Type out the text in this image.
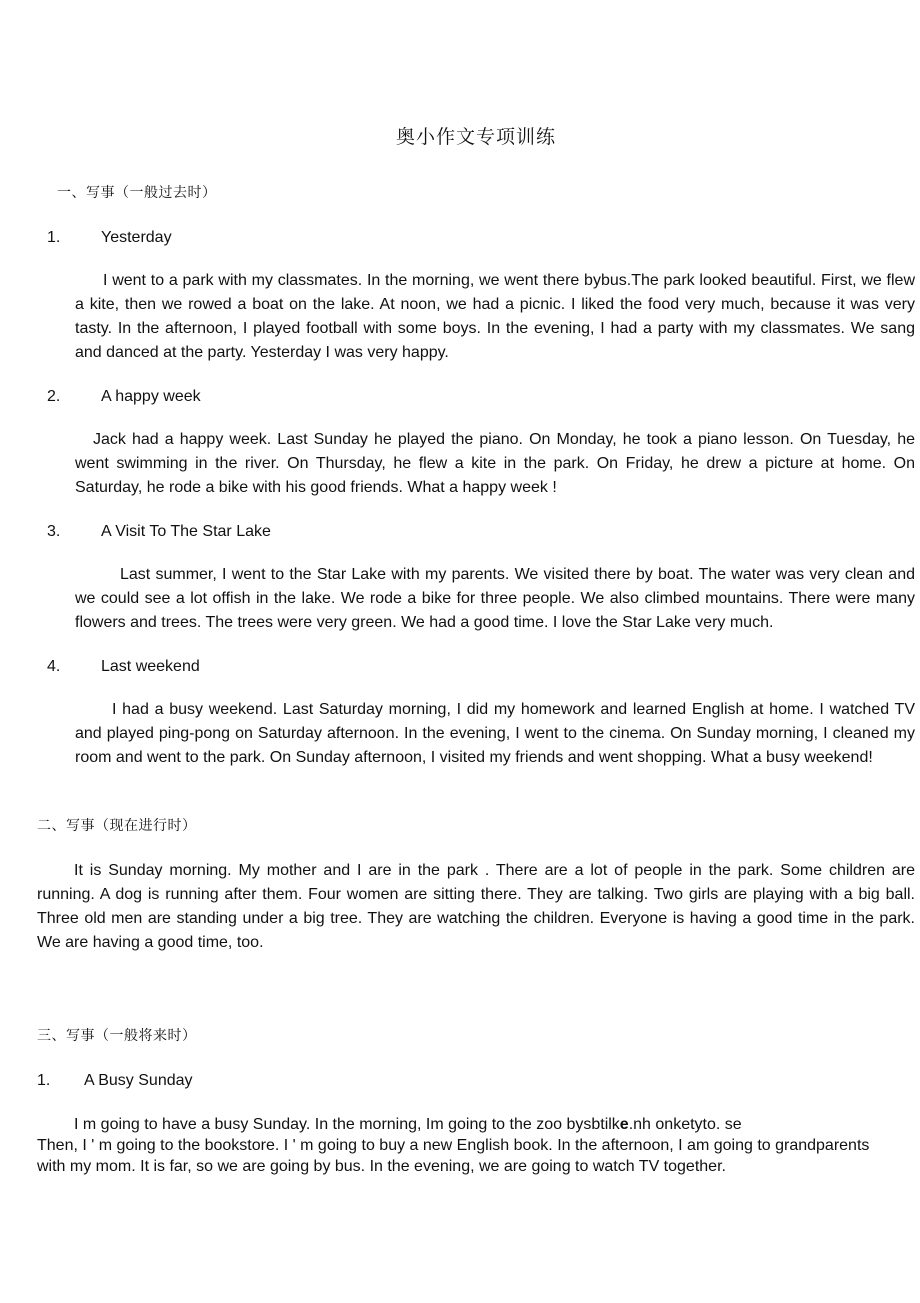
奥小作文专项训练
一、写事（一般过去时）
1.	Yesterday

I went to a park with my classmates. In the morning, we went there bybus.The park looked beautiful. First, we flew a kite, then we rowed a boat on the lake. At noon, we had a picnic. I liked the food very much, because it was very tasty. In the afternoon, I played football with some boys. In the evening, I had a party with my classmates. We sang and danced at the party. Yesterday I was very happy.

2.	A happy week

Jack had a happy week. Last Sunday he played the piano. On Monday, he took a piano lesson. On Tuesday, he went swimming in the river. On Thursday, he flew a kite in the park. On Friday, he drew a picture at home. On Saturday, he rode a bike with his good friends. What a happy week !

3.	A Visit To The Star Lake

Last summer, I went to the Star Lake with my parents. We visited there by boat. The water was very clean and we could see a lot offish in the lake. We rode a bike for three people. We also climbed mountains. There were many flowers and trees. The trees were very green. We had a good time. I love the Star Lake very much.

4.	Last weekend

I had a busy weekend. Last Saturday morning, I did my homework and learned English at home. I watched TV and played ping-pong on Saturday afternoon. In the evening, I went to the cinema. On Sunday morning, I cleaned my room and went to the park. On Sunday afternoon, I visited my friends and went shopping. What a busy weekend!

二、写事（现在进行时）

It is Sunday morning. My mother and I are in the park . There are a lot of people in the park. Some children are running. A dog is running after them. Four women are sitting there. They are talking. Two girls are playing with a big ball. Three old men are standing under a big tree. They are watching the children. Everyone is having a good time in the park. We are having a good time, too.

三、写事（一般将来时）
1. A Busy Sunday
I m going to have a busy Sunday. In the morning, Im going to the zoo bysbtilke.nh onketyto. se
Then, I ' m going to the bookstore. I ' m going to buy a new English book. In the afternoon, I am going to grandparents
with my mom. It is far, so we are going by bus. In the evening, we are going to watch TV together.
